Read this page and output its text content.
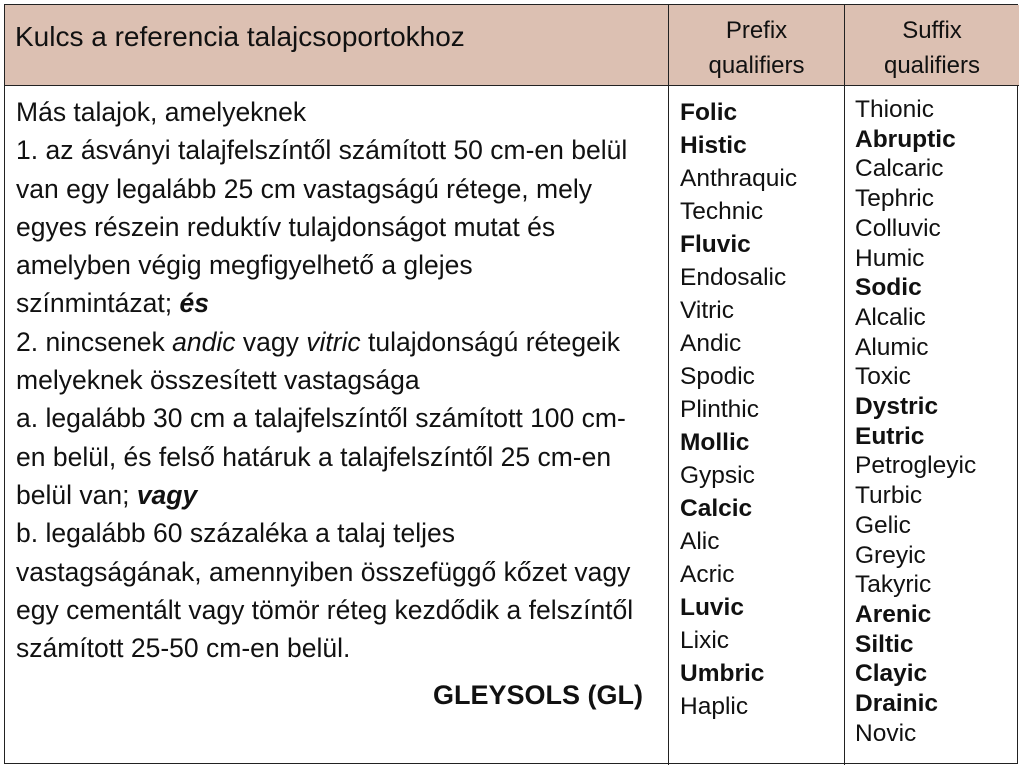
Kulcs a referencia talajcsoportokhoz	Prefix
qualifiers
Suffix
qualifiers

Más talajok, amelyeknek

1. az ásványi talajfelszíntől számított 50 cm-en belül

van egy legalább 25 cm vastagságú rétege, mely

egyes részein reduktív tulajdonságot mutat és

amelyben végig megfigyelhető a glejes

színmintázat; és

2. nincsenek andic vagy vitric tulajdonságú rétegeik

melyeknek összesített vastagsága

a. legalább 30 cm a talajfelszíntől számított 100 cm-

en belül, és felső határuk a talajfelszíntől 25 cm-en

belül van; vagy

b. legalább 60 százaléka a talaj teljes

vastagságának, amennyiben összefüggő kőzet vagy

egy cementált vagy tömör réteg kezdődik a felszíntől

számított 25-50 cm-en belül.

GLEYSOLS (GL)
Folic
Histic
Anthraquic
Technic
Fluvic
Endosalic
Vitric
Andic
Spodic
Plinthic
Mollic
Gypsic
Calcic
Alic
Acric
Luvic
Lixic
Umbric
Haplic
Thionic
Abruptic
Calcaric
Tephric
Colluvic
Humic
Sodic
Alcalic
Alumic
Toxic
Dystric
Eutric
Petrogleyic
Turbic
Gelic
Greyic
Takyric
Arenic
Siltic
Clayic
Drainic
Novic
